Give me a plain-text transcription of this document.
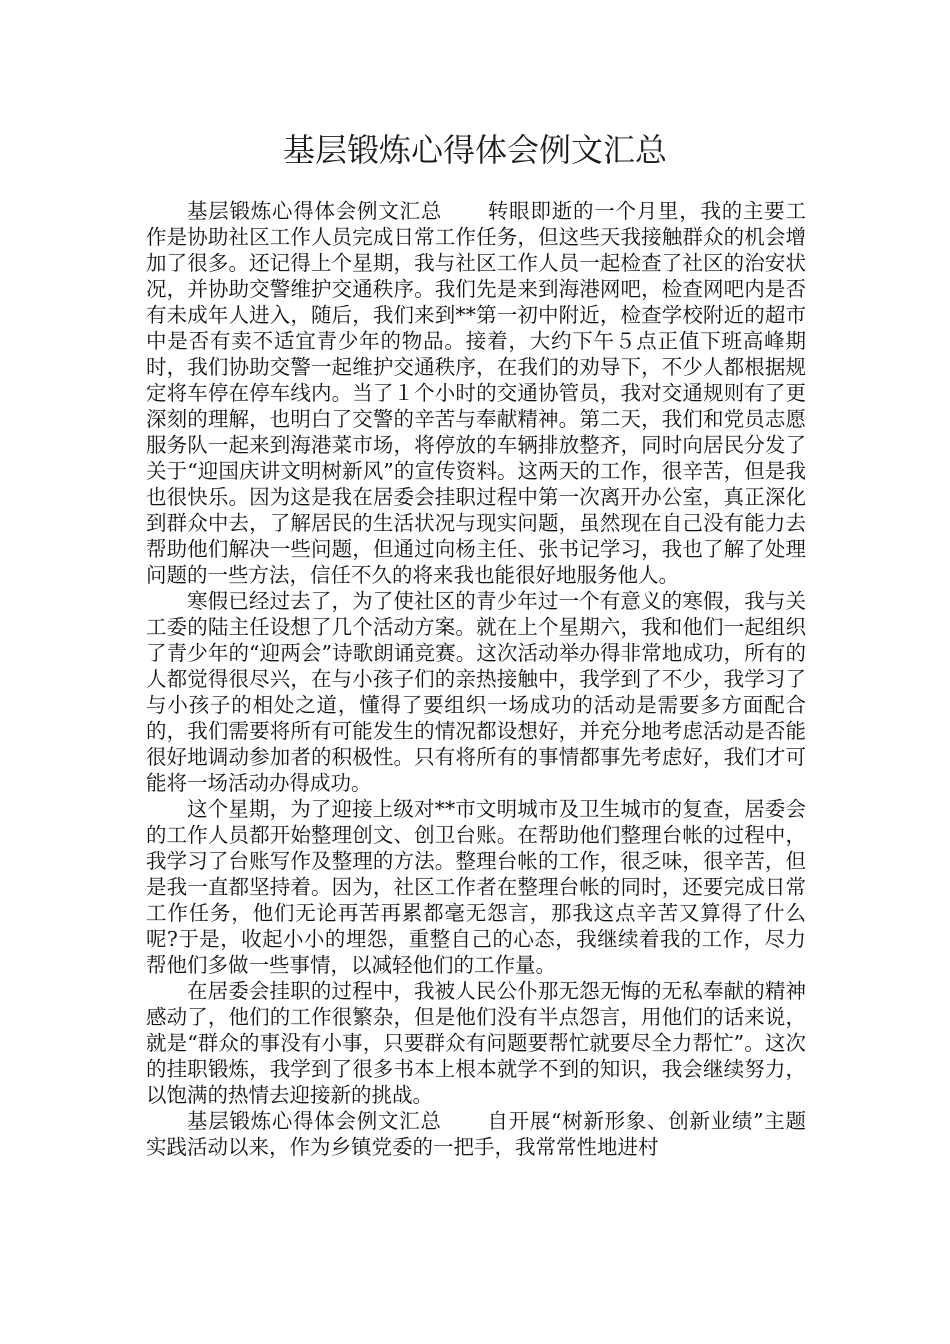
基层锻炼心得体会例文汇总

基层锻炼心得体会例文汇总 转眼即逝的一个月里，我的主要工作是协助社区工作人员完成日常工作任务，但这些天我接触群众的机会增加了很多。还记得上个星期，我与社区工作人员一起检查了社区的治安状况，并协助交警维护交通秩序。我们先是来到海港网吧，检查网吧内是否有未成年人进入，随后，我们来到**第一初中附近，检查学校附近的超市中是否有卖不适宜青少年的物品。接着，大约下午５点正值下班高峰期时，我们协助交警一起维护交通秩序，在我们的劝导下，不少人都根据规定将车停在停车线内。当了１个小时的交通协管员，我对交通规则有了更深刻的理解，也明白了交警的辛苦与奉献精神。第二天，我们和党员志愿服务队一起来到海港菜市场，将停放的车辆排放整齐，同时向居民分发了关于“迎国庆讲文明树新风”的宣传资料。这两天的工作，很辛苦，但是我也很快乐。因为这是我在居委会挂职过程中第一次离开办公室，真正深化到群众中去，了解居民的生活状况与现实问题，虽然现在自己没有能力去帮助他们解决一些问题，但通过向杨主任、张书记学习，我也了解了处理问题的一些方法，信任不久的将来我也能很好地服务他人。

寒假已经过去了，为了使社区的青少年过一个有意义的寒假，我与关工委的陆主任设想了几个活动方案。就在上个星期六，我和他们一起组织了青少年的“迎两会”诗歌朗诵竞赛。这次活动举办得非常地成功，所有的人都觉得很尽兴，在与小孩子们的亲热接触中，我学到了不少，我学习了与小孩子的相处之道，懂得了要组织一场成功的活动是需要多方面配合的，我们需要将所有可能发生的情况都设想好，并充分地考虑活动是否能很好地调动参加者的积极性。只有将所有的事情都事先考虑好，我们才可能将一场活动办得成功。

这个星期，为了迎接上级对**市文明城市及卫生城市的复查，居委会的工作人员都开始整理创文、创卫台账。在帮助他们整理台帐的过程中，我学习了台账写作及整理的方法。整理台帐的工作，很乏味，很辛苦，但是我一直都坚持着。因为，社区工作者在整理台帐的同时，还要完成日常工作任务，他们无论再苦再累都毫无怨言，那我这点辛苦又算得了什么呢?于是，收起小小的埋怨，重整自己的心态，我继续着我的工作，尽力帮他们多做一些事情，以减轻他们的工作量。

在居委会挂职的过程中，我被人民公仆那无怨无悔的无私奉献的精神感动了，他们的工作很繁杂，但是他们没有半点怨言，用他们的话来说，就是“群众的事没有小事，只要群众有问题要帮忙就要尽全力帮忙”。这次的挂职锻炼，我学到了很多书本上根本就学不到的知识，我会继续努力，以饱满的热情去迎接新的挑战。

基层锻炼心得体会例文汇总 自开展“树新形象、创新业绩”主题实践活动以来，作为乡镇党委的一把手，我常常性地进村
